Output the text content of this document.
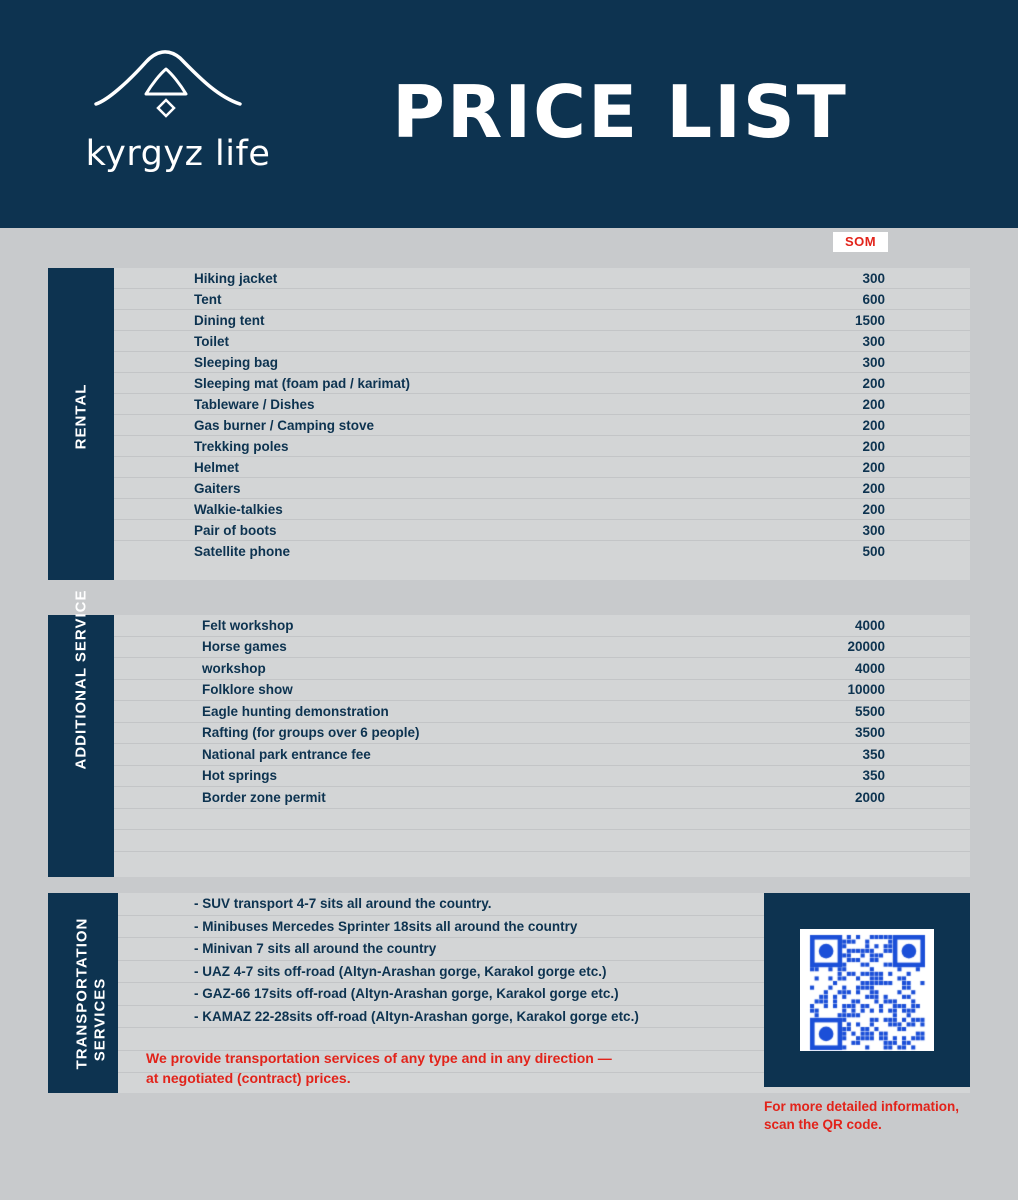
kyrgyz life	PRICE LIST
SOM
RENTAL
Hiking jacket	300
Tent	600
Dining tent	1500
Toilet	300
Sleeping bag	300
Sleeping mat (foam pad / karimat)	200
Tableware / Dishes	200
Gas burner / Camping stove	200
Trekking poles	200
Helmet	200
Gaiters	200
Walkie-talkies	200
Pair of boots	300
Satellite phone	500
ADDITIONAL SERVICE	Felt workshop	4000
Horse games	20000
workshop	4000
Folklore show	10000
Eagle hunting demonstration	5500
Rafting (for groups over 6 people)	3500
National park entrance fee	350
Hot springs	350
Border zone permit	2000
TRANSPORTATION SERVICES
- SUV transport 4-7 sits all around the country.
- Minibuses Mercedes Sprinter 18sits all around the country
- Minivan 7 sits all around the country
- UAZ 4-7 sits off-road (Altyn-Arashan gorge, Karakol gorge etc.)
- GAZ-66 17sits off-road (Altyn-Arashan gorge, Karakol gorge etc.)
- KAMAZ 22-28sits off-road (Altyn-Arashan gorge, Karakol gorge etc.)
We provide transportation services of any type and in any direction —
at negotiated (contract) prices.
For more detailed information,
scan the QR code.
